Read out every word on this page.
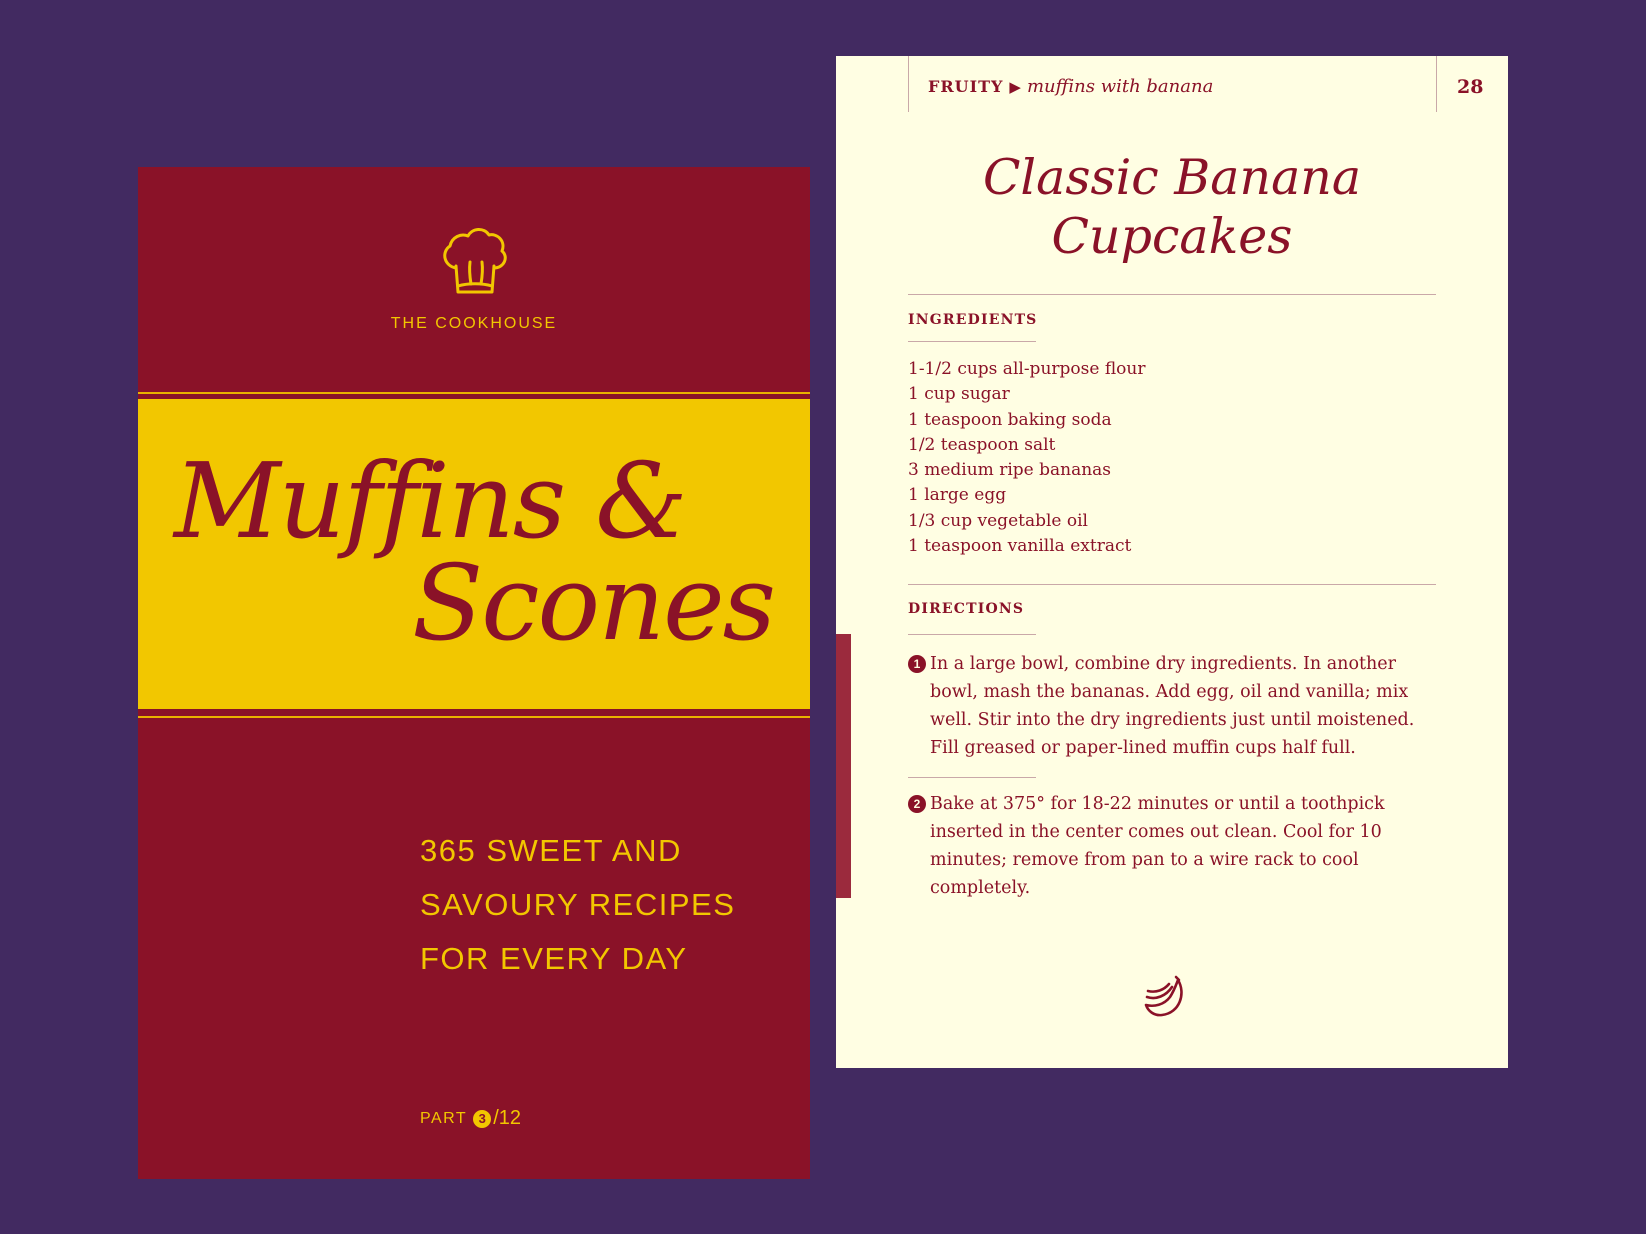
THE COOKHOUSE
Muffins &
Scones
365 SWEET AND
SAVOURY RECIPES
FOR EVERY DAY
PART 3 /12
FRUITY ▶ muffins with banana	28
Classic Banana Cupcakes
INGREDIENTS
1-1/2 cups all-purpose flour
1 cup sugar
1 teaspoon baking soda
1/2 teaspoon salt
3 medium ripe bananas
1 large egg
1/3 cup vegetable oil
1 teaspoon vanilla extract
DIRECTIONS
1 In a large bowl, combine dry ingredients. In another bowl, mash the bananas. Add egg, oil and vanilla; mix well. Stir into the dry ingredients just until moistened. Fill greased or paper-lined muffin cups half full.
2 Bake at 375° for 18-22 minutes or until a toothpick inserted in the center comes out clean. Cool for 10 minutes; remove from pan to a wire rack to cool completely.
